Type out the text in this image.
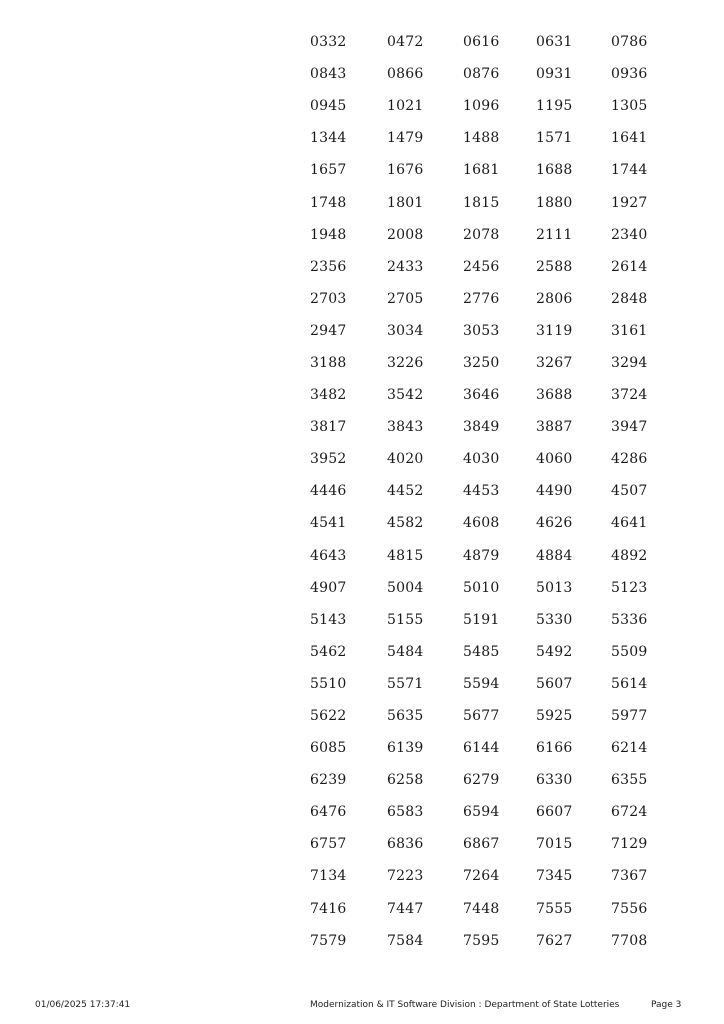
0332	0472	0616	0631	0786
0843	0866	0876	0931	0936
0945	1021	1096	1195	1305
1344	1479	1488	1571	1641
1657	1676	1681	1688	1744
1748	1801	1815	1880	1927
1948	2008	2078	2111	2340
2356	2433	2456	2588	2614
2703	2705	2776	2806	2848
2947	3034	3053	3119	3161
3188	3226	3250	3267	3294
3482	3542	3646	3688	3724
3817	3843	3849	3887	3947
3952	4020	4030	4060	4286
4446	4452	4453	4490	4507
4541	4582	4608	4626	4641
4643	4815	4879	4884	4892
4907	5004	5010	5013	5123
5143	5155	5191	5330	5336
5462	5484	5485	5492	5509
5510	5571	5594	5607	5614
5622	5635	5677	5925	5977
6085	6139	6144	6166	6214
6239	6258	6279	6330	6355
6476	6583	6594	6607	6724
6757	6836	6867	7015	7129
7134	7223	7264	7345	7367
7416	7447	7448	7555	7556
7579	7584	7595	7627	7708
01/06/2025 17:37:41	Modernization & IT Software Division : Department of State Lotteries	Page 3
